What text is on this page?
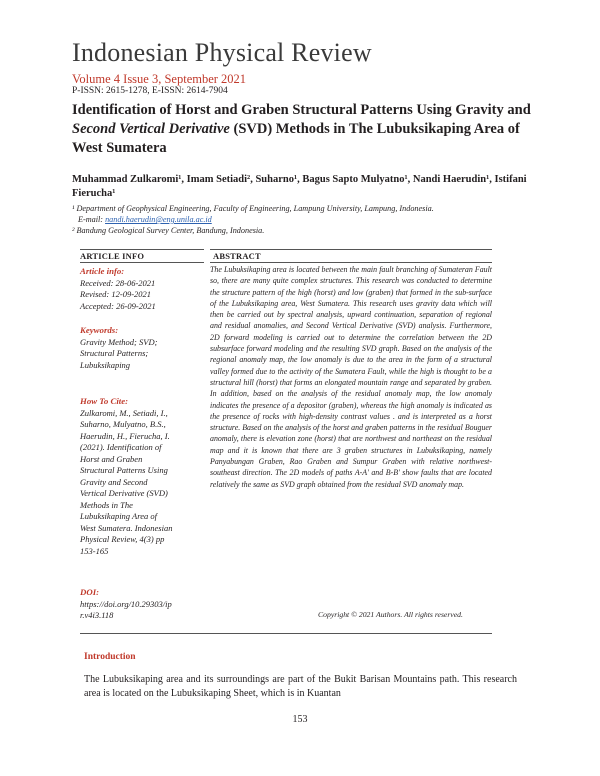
Indonesian Physical Review
Volume 4 Issue 3, September 2021
P-ISSN: 2615-1278, E-ISSN: 2614-7904
Identification of Horst and Graben Structural Patterns Using Gravity and Second Vertical Derivative (SVD) Methods in The Lubuksikaping Area of West Sumatera
Muhammad Zulkaromi¹, Imam Setiadi², Suharno¹, Bagus Sapto Mulyatno¹, Nandi Haerudin¹, Istifani Fierucha¹
¹ Department of Geophysical Engineering, Faculty of Engineering, Lampung University, Lampung, Indonesia.
E-mail: nandi.haerudin@eng.unila.ac.id
² Bandung Geological Survey Center, Bandung, Indonesia.
ARTICLE INFO	ABSTRACT
Article info:
Received: 28-06-2021
Revised: 12-09-2021
Accepted: 26-09-2021
Keywords:
Gravity Method; SVD;
Structural Patterns;
Lubuksikaping
How To Cite:
Zulkaromi, M., Setiadi, I.,
Suharno, Mulyatno, B.S.,
Haerudin, H., Fierucha, I.
(2021). Identification of
Horst and Graben
Structural Patterns Using
Gravity and Second
Vertical Derivative (SVD)
Methods in The
Lubuksikaping Area of
West Sumatera. Indonesian
Physical Review, 4(3) pp
153-165
DOI:
https://doi.org/10.29303/ip
r.v4i3.118
The Lubuksikaping area is located between the main fault branching of Sumateran Fault so, there are many quite complex structures. This research was conducted to determine the structure pattern of the high (horst) and low (graben) that formed in the sub-surface of the Lubuksikaping area, West Sumatera. This research uses gravity data which will then be carried out by spectral analysis, upward continuation, separation of regional and residual anomalies, and Second Vertical Derivative (SVD) analysis. Furthermore, 2D forward modeling is carried out to determine the correlation between the 2D subsurface forward modeling and the resulting SVD graph. Based on the analysis of the regional anomaly map, the low anomaly is due to the area in the form of a structural valley formed due to the activity of the Sumatera Fault, while the high is thought to be a structural hill (horst) that forms an elongated mountain range and separated by graben. In addition, based on the analysis of the residual anomaly map, the low anomaly indicates the presence of a depositor (graben), whereas the high anomaly is indicated as the presence of rocks with high-density contrast values . and is interpreted as a horst structure. Based on the analysis of the horst and graben patterns in the residual Bouguer anomaly, there is elevation zone (horst) that are northwest and northeast on the residual map and it is known that there are 3 graben structures in Lubuksikaping, namely Panyabungan Graben, Rao Graben and Sumpur Graben with relative northwest-southeast direction. The 2D models of paths A-A' and B-B' show faults that are located relatively the same as SVD graph obtained from the residual SVD anomaly map.
Copyright © 2021 Authors. All rights reserved.
Introduction
The Lubuksikaping area and its surroundings are part of the Bukit Barisan Mountains path. This research area is located on the Lubuksikaping Sheet, which is in Kuantan
153
